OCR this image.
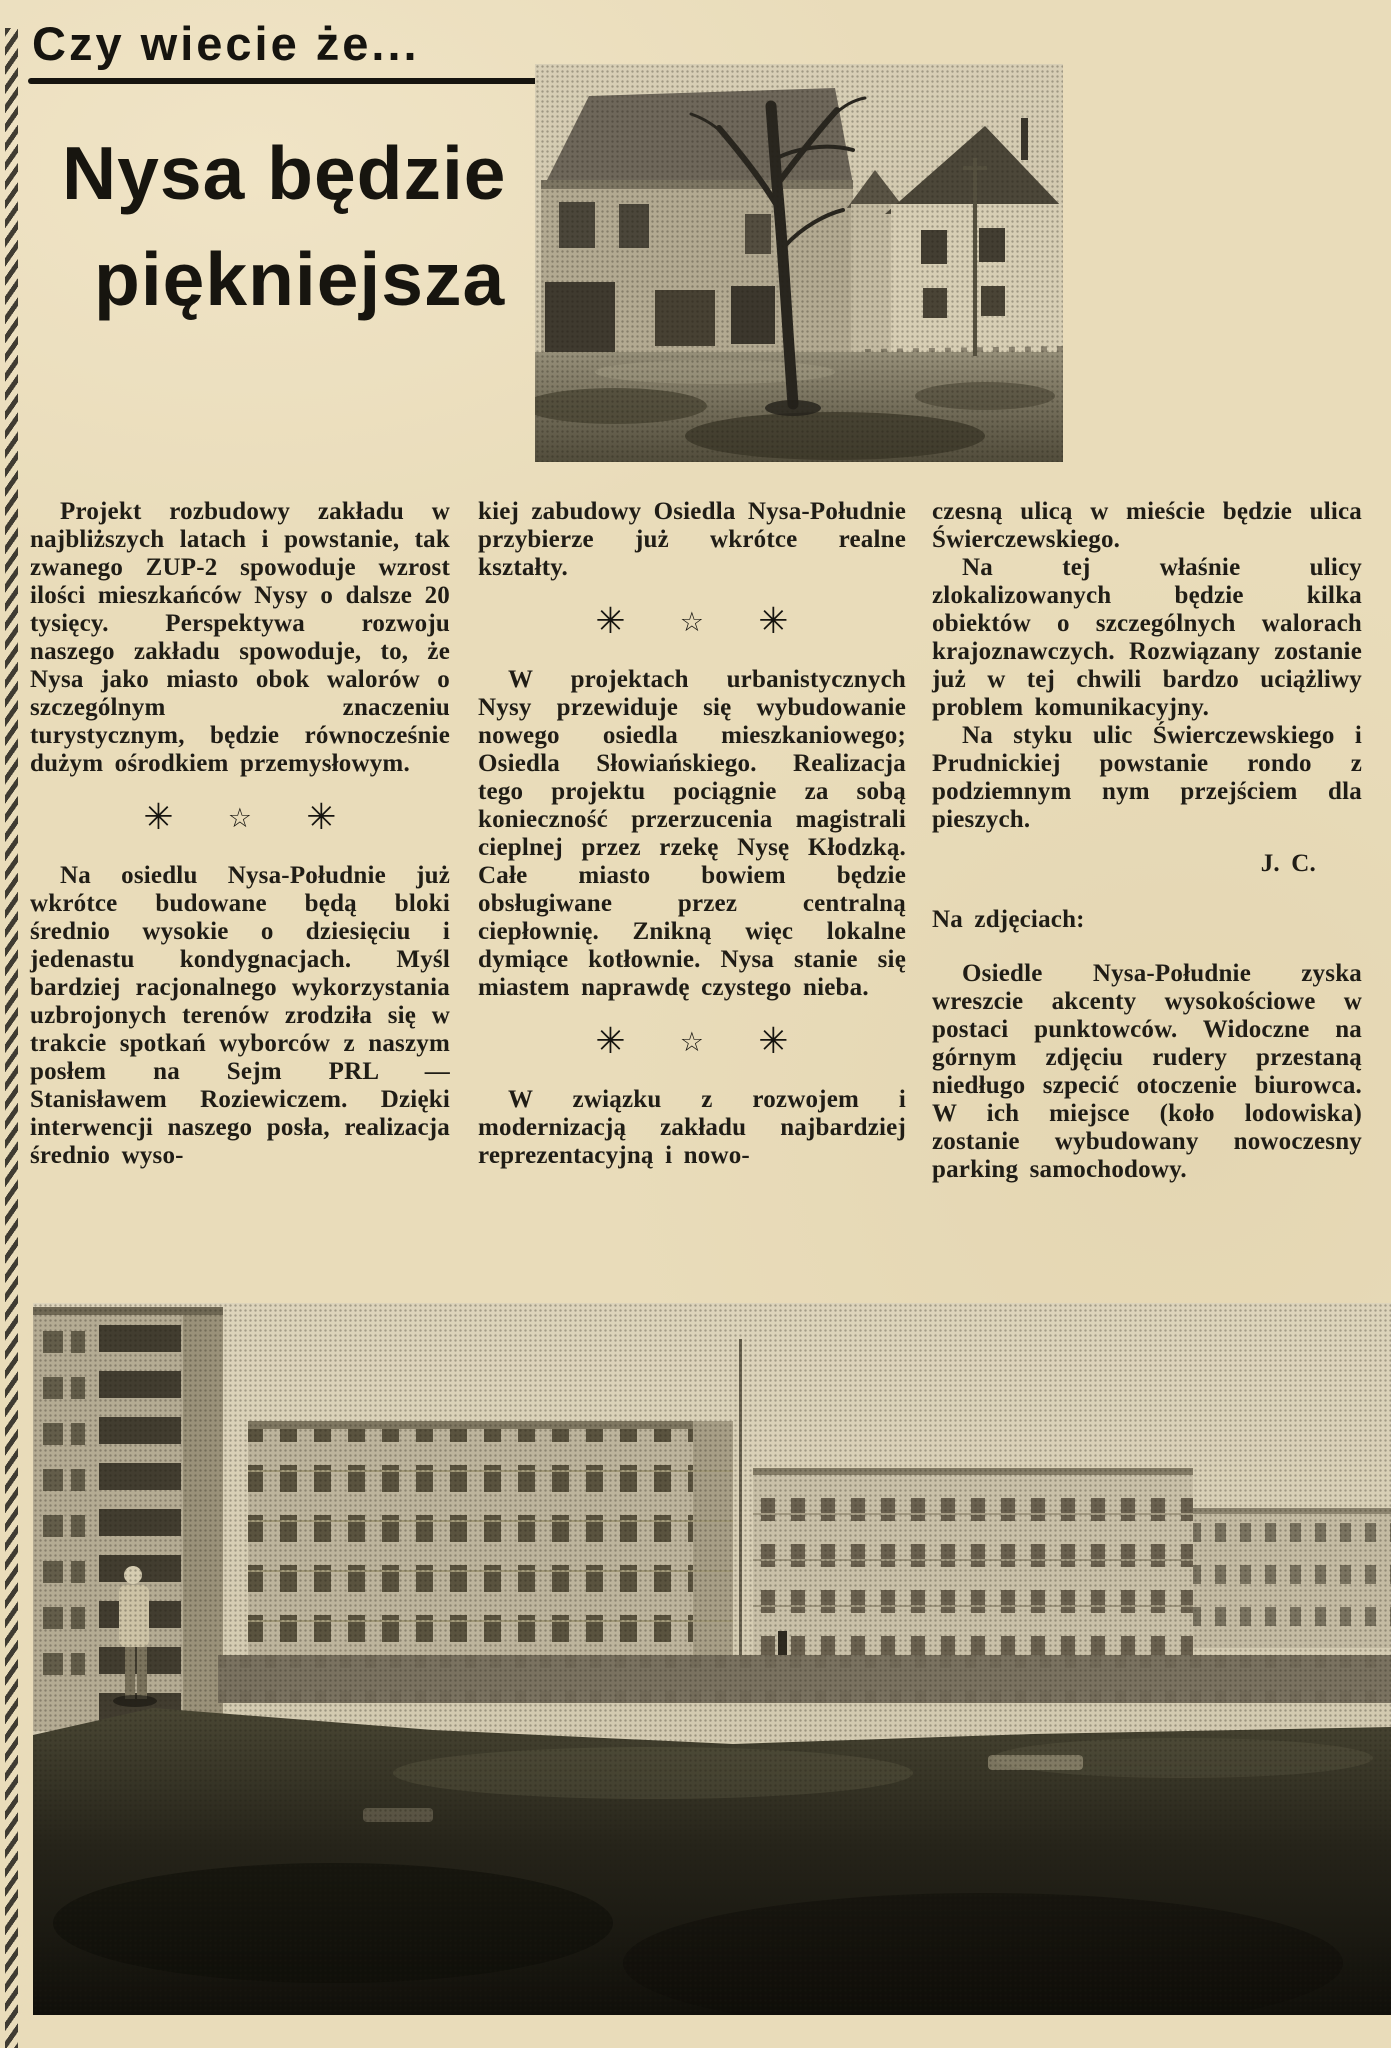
Czy wiecie że...
Nysa będzie
piękniejsza

Projekt rozbudowy zakładu w najbliższych latach i powstanie, tak zwanego ZUP-2 spowoduje wzrost ilości mieszkańców Nysy o dalsze 20 tysięcy. Perspektywa rozwoju naszego zakładu spowoduje, to, że Nysa jako miasto obok walorów o szczególnym znaczeniu turystycznym, będzie równocześnie dużym ośrodkiem przemysłowym.

✳ ☆ ✳

Na osiedlu Nysa-Południe już wkrótce budowane będą bloki średnio wysokie o dziesięciu i jedenastu kondygnacjach. Myśl bardziej racjonalnego wykorzystania uzbrojonych terenów zrodziła się w trakcie spotkań wyborców z naszym posłem na Sejm PRL — Stanisławem Roziewiczem. Dzięki interwencji naszego posła, realizacja średnio wyso-

kiej zabudowy Osiedla Nysa-Południe przybierze już wkrótce realne kształty.

✳ ☆ ✳

W projektach urbanistycznych Nysy przewiduje się wybudowanie nowego osiedla mieszkaniowego; Osiedla Słowiańskiego. Realizacja tego projektu pociągnie za sobą konieczność przerzucenia magistrali cieplnej przez rzekę Nysę Kłodzką. Całe miasto bowiem będzie obsługiwane przez centralną ciepłownię. Znikną więc lokalne dymiące kotłownie. Nysa stanie się miastem naprawdę czystego nieba.

✳ ☆ ✳

W związku z rozwojem i modernizacją zakładu najbardziej reprezentacyjną i nowo-

czesną ulicą w mieście będzie ulica Świerczewskiego.

Na tej właśnie ulicy zlokalizowanych będzie kilka obiektów o szczególnych walorach krajoznawczych. Rozwiązany zostanie już w tej chwili bardzo uciążliwy problem komunikacyjny.

Na styku ulic Świerczewskiego i Prudnickiej powstanie rondo z podziemnym nym przejściem dla pieszych.

J. C.

Na zdjęciach:

Osiedle Nysa-Południe zyska wreszcie akcenty wysokościowe w postaci punktowców. Widoczne na górnym zdjęciu rudery przestaną niedługo szpecić otoczenie biurowca. W ich miejsce (koło lodowiska) zostanie wybudowany nowoczesny parking samochodowy.
